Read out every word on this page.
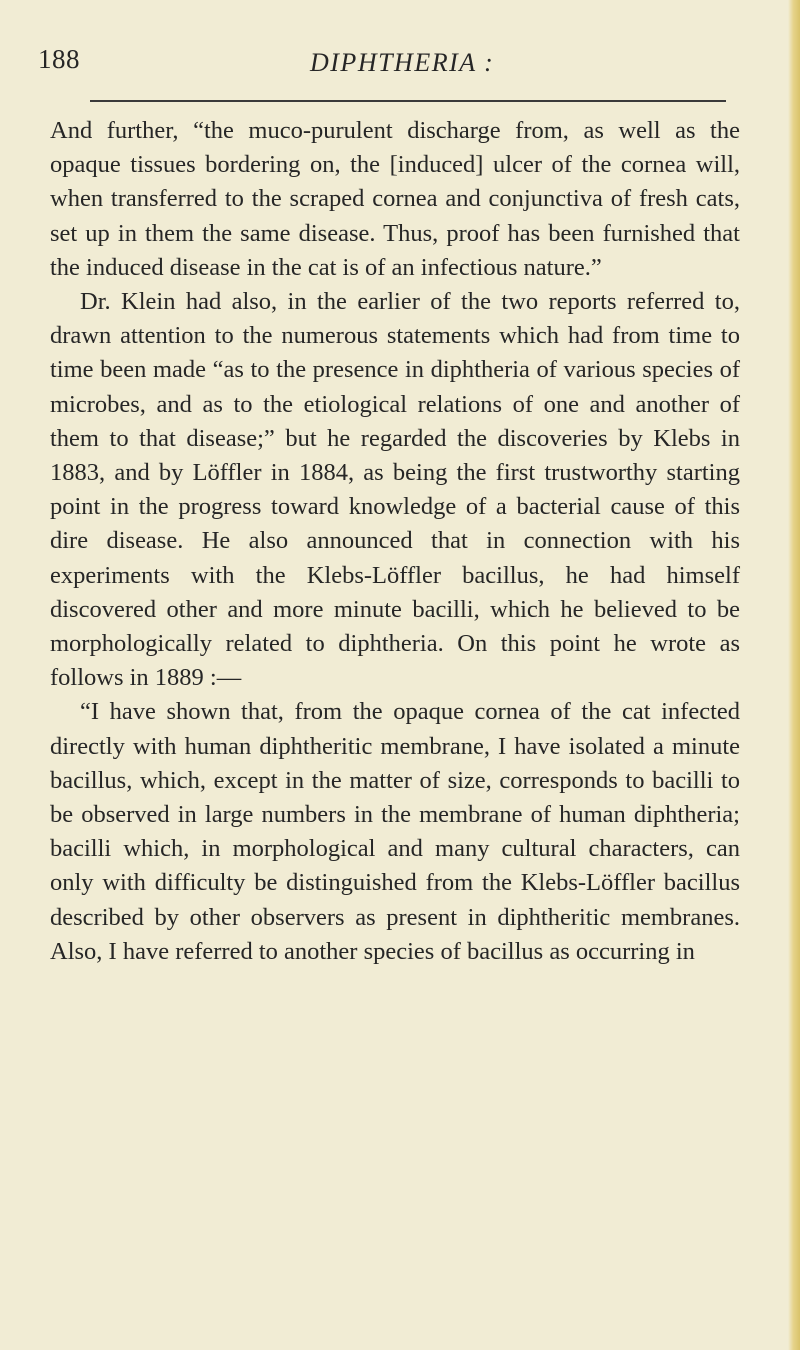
188	DIPHTHERIA :

And further, “the muco-purulent discharge from, as well as the opaque tissues bordering on, the [induced] ulcer of the cornea will, when transferred to the scraped cornea and conjunctiva of fresh cats, set up in them the same disease. Thus, proof has been furnished that the induced disease in the cat is of an infectious nature.”

Dr. Klein had also, in the earlier of the two reports referred to, drawn attention to the numerous statements which had from time to time been made “as to the presence in diphtheria of various species of microbes, and as to the etiological relations of one and another of them to that disease;” but he regarded the discoveries by Klebs in 1883, and by Löffler in 1884, as being the first trustworthy starting point in the progress toward knowledge of a bacterial cause of this dire disease. He also announced that in connection with his experiments with the Klebs-Löffler bacillus, he had himself discovered other and more minute bacilli, which he believed to be morphologically related to diphtheria. On this point he wrote as follows in 1889 :—

“I have shown that, from the opaque cornea of the cat infected directly with human diphtheritic membrane, I have isolated a minute bacillus, which, except in the matter of size, corresponds to bacilli to be observed in large numbers in the membrane of human diphtheria; bacilli which, in morphological and many cultural characters, can only with difficulty be distinguished from the Klebs-Löffler bacillus described by other observers as present in diphtheritic membranes. Also, I have referred to another species of bacillus as occurring in
